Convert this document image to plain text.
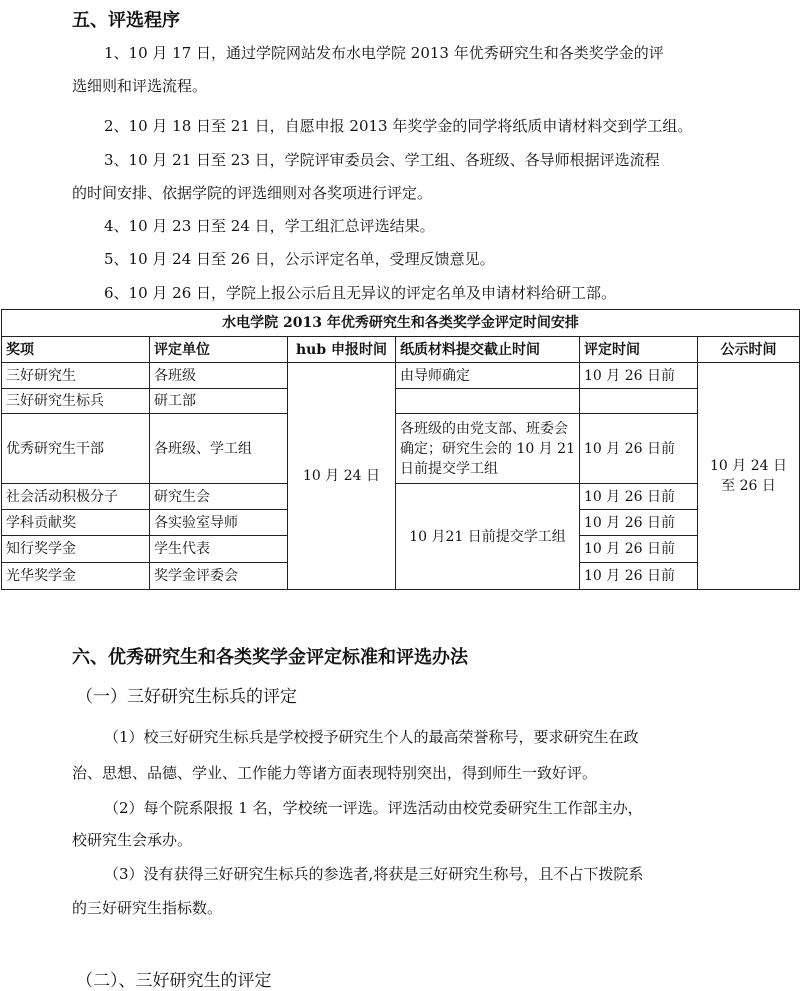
五、评选程序
1、10 月 17 日，通过学院网站发布水电学院 2013 年优秀研究生和各类奖学金的评
选细则和评选流程。
2、10 月 18 日至 21 日，自愿申报 2013 年奖学金的同学将纸质申请材料交到学工组。
3、10 月 21 日至 23 日，学院评审委员会、学工组、各班级、各导师根据评选流程
的时间安排、依据学院的评选细则对各奖项进行评定。
4、10 月 23 日至 24 日，学工组汇总评选结果。
5、10 月 24 日至 26 日，公示评定名单，受理反馈意见。
6、10 月 26 日，学院上报公示后且无异议的评定名单及申请材料给研工部。
水电学院 2013 年优秀研究生和各类奖学金评定时间安排					
奖项	评定单位	hub 申报时间	纸质材料提交截止时间	评定时间	公示时间
三好研究生	各班级	10 月 24 日	由导师确定	10 月 26 日前	10 月 24 日
至 26 日
三好研究生标兵	研工部				
优秀研究生干部	各班级、学工组		各班级的由党支部、班委会确定；研究生会的 10 月 21 日前提交学工组	10 月 26 日前	
社会活动积极分子	研究生会		10 月21 日前提交学工组	10 月 26 日前	
学科贡献奖	各实验室导师			10 月 26 日前	
知行奖学金	学生代表			10 月 26 日前	
光华奖学金	奖学金评委会			10 月 26 日前	
六、优秀研究生和各类奖学金评定标准和评选办法
（一）三好研究生标兵的评定
（1）校三好研究生标兵是学校授予研究生个人的最高荣誉称号，要求研究生在政
治、思想、品德、学业、工作能力等诸方面表现特别突出，得到师生一致好评。
（2）每个院系限报 1 名，学校统一评选。评选活动由校党委研究生工作部主办，
校研究生会承办。
（3）没有获得三好研究生标兵的参选者,将获是三好研究生称号，且不占下拨院系
的三好研究生指标数。
（二）、三好研究生的评定
